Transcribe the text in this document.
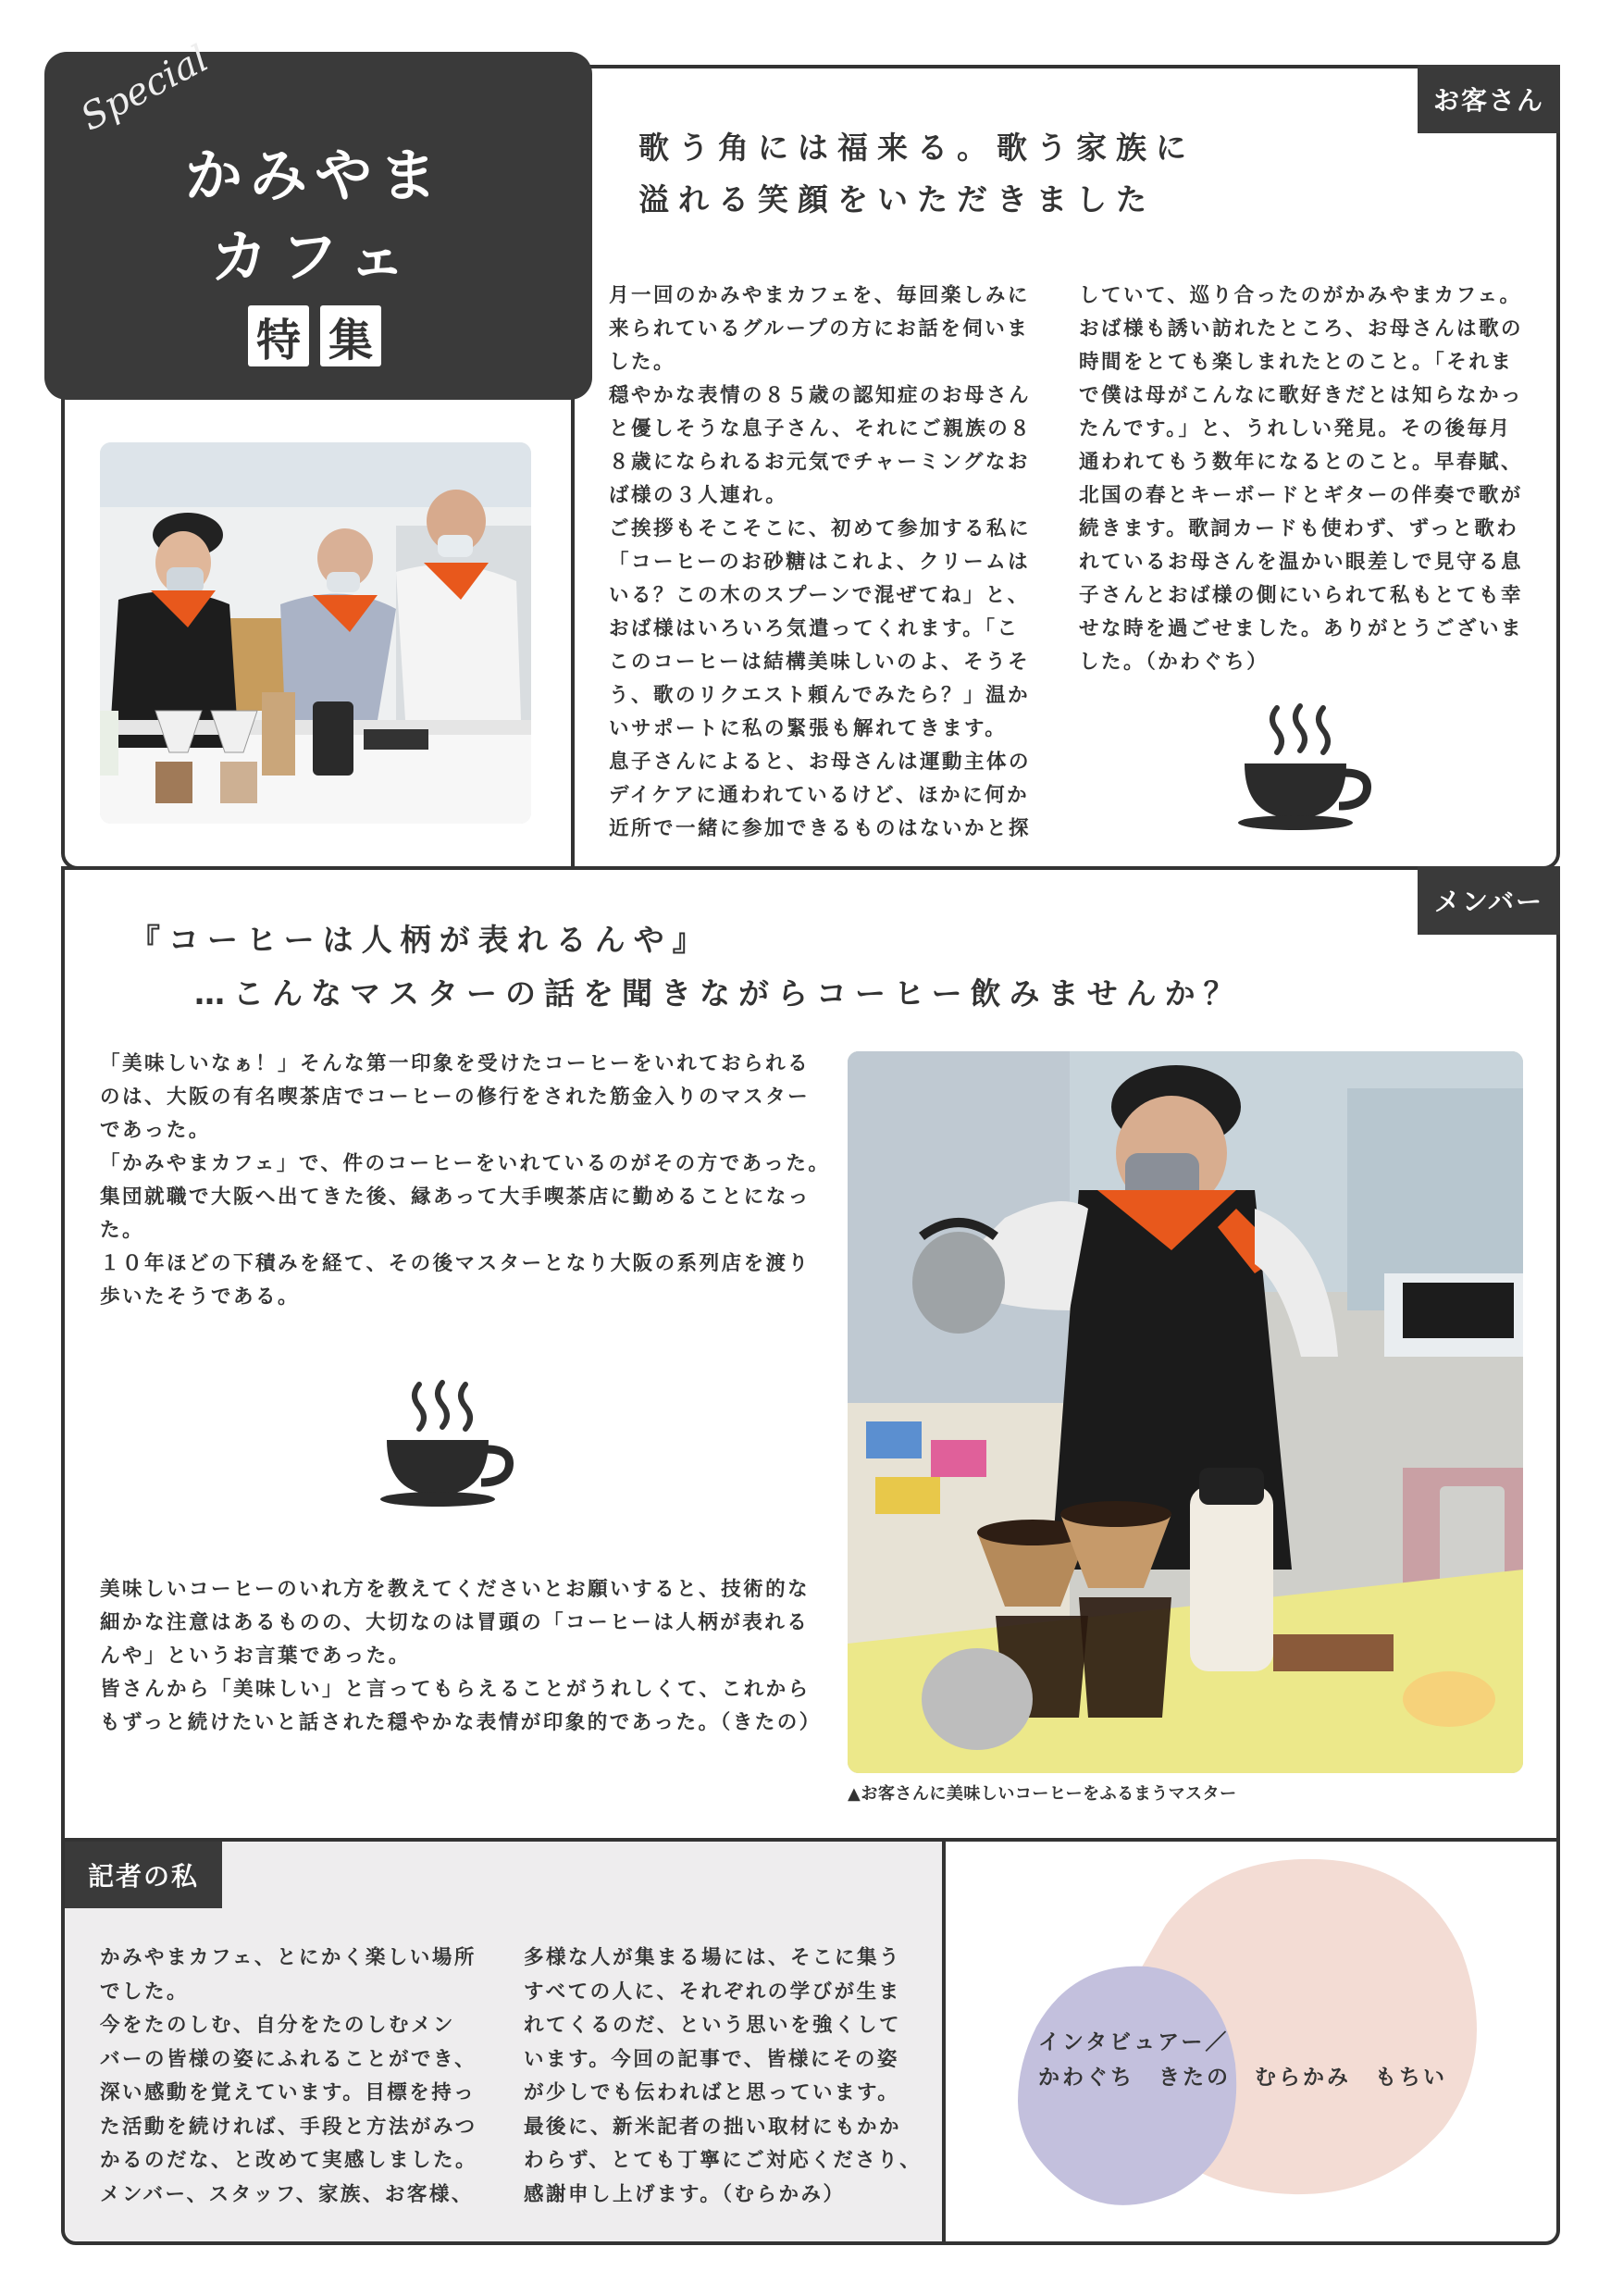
Special
かみやま
カフェ
特 集
お客さん
歌う角には福来る。歌う家族に
溢れる笑顔をいただきました
月一回のかみやまカフェを、毎回楽しみに
来られているグループの方にお話を伺いま
した。
穏やかな表情の８５歳の認知症のお母さん
と優しそうな息子さん、それにご親族の８
８歳になられるお元気でチャーミングなお
ば様の３人連れ。
ご挨拶もそこそこに、初めて参加する私に
「コーヒーのお砂糖はこれよ、クリームは
いる？この木のスプーンで混ぜてね」と、
おば様はいろいろ気遣ってくれます。「こ
このコーヒーは結構美味しいのよ、そうそ
う、歌のリクエスト頼んでみたら？」温か
いサポートに私の緊張も解れてきます。
息子さんによると、お母さんは運動主体の
デイケアに通われているけど、ほかに何か
近所で一緒に参加できるものはないかと探
していて、巡り合ったのがかみやまカフェ。
おば様も誘い訪れたところ、お母さんは歌の
時間をとても楽しまれたとのこと。「それま
で僕は母がこんなに歌好きだとは知らなかっ
たんです。」と、うれしい発見。その後毎月
通われてもう数年になるとのこと。早春賦、
北国の春とキーボードとギターの伴奏で歌が
続きます。歌詞カードも使わず、ずっと歌わ
れているお母さんを温かい眼差しで見守る息
子さんとおば様の側にいられて私もとても幸
せな時を過ごせました。ありがとうございま
した。（かわぐち）
メンバー
『コーヒーは人柄が表れるんや』
…こんなマスターの話を聞きながらコーヒー飲みませんか？
「美味しいなぁ！」そんな第一印象を受けたコーヒーをいれておられる
のは、大阪の有名喫茶店でコーヒーの修行をされた筋金入りのマスター
であった。
「かみやまカフェ」で、件のコーヒーをいれているのがその方であった。
集団就職で大阪へ出てきた後、縁あって大手喫茶店に勤めることになっ
た。
１０年ほどの下積みを経て、その後マスターとなり大阪の系列店を渡り
歩いたそうである。
美味しいコーヒーのいれ方を教えてくださいとお願いすると、技術的な
細かな注意はあるものの、大切なのは冒頭の「コーヒーは人柄が表れる
んや」というお言葉であった。
皆さんから「美味しい」と言ってもらえることがうれしくて、これから
もずっと続けたいと話された穏やかな表情が印象的であった。（きたの）
▲お客さんに美味しいコーヒーをふるまうマスター
記者の私
かみやまカフェ、とにかく楽しい場所
でした。
今をたのしむ、自分をたのしむメン
バーの皆様の姿にふれることができ、
深い感動を覚えています。目標を持っ
た活動を続ければ、手段と方法がみつ
かるのだな、と改めて実感しました。
メンバー、スタッフ、家族、お客様、
多様な人が集まる場には、そこに集う
すべての人に、それぞれの学びが生ま
れてくるのだ、という思いを強くして
います。今回の記事で、皆様にその姿
が少しでも伝わればと思っています。
最後に、新米記者の拙い取材にもかか
わらず、とても丁寧にご対応くださり、
感謝申し上げます。（むらかみ）
インタビュアー／
かわぐち　きたの　むらかみ　もちい
